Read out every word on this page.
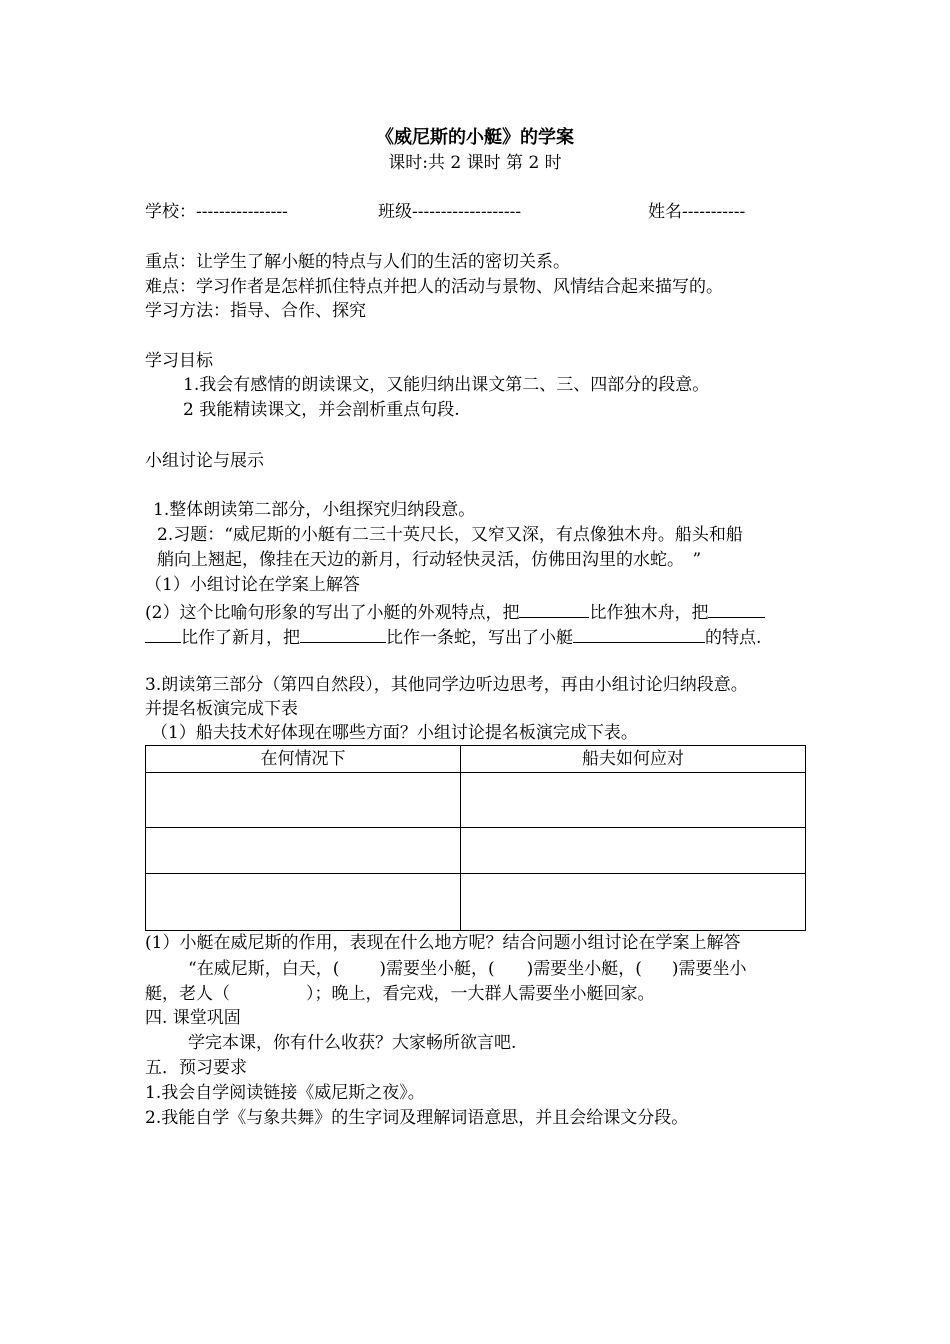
《威尼斯的小艇》的学案
课时:共 2 课时 第 2 时
学校：----------------	班级-------------------	姓名-----------
重点：让学生了解小艇的特点与人们的生活的密切关系。
难点：学习作者是怎样抓住特点并把人的活动与景物、风情结合起来描写的。
学习方法：指导、合作、探究
学习目标
1.我会有感情的朗读课文，又能归纳出课文第二、三、四部分的段意。
2 我能精读课文，并会剖析重点句段.
小组讨论与展示
1.整体朗读第二部分，小组探究归纳段意。
2.习题：“威尼斯的小艇有二三十英尺长，又窄又深，有点像独木舟。船头和船
艄向上翘起，像挂在天边的新月，行动轻快灵活，仿佛田沟里的水蛇。　”
（1）小组讨论在学案上解答
(2）这个比喻句形象的写出了小艇的外观特点，把	比作独木舟，把
比作了新月，把	比作一条蛇，写出了小艇	的特点.
3.朗读第三部分（第四自然段），其他同学边听边思考，再由小组讨论归纳段意。
并提名板演完成下表
（1）船夫技术好体现在哪些方面？小组讨论提名板演完成下表。
在何情况下	船夫如何应对

(1）小艇在威尼斯的作用，表现在什么地方呢？结合问题小组讨论在学案上解答
“在威尼斯，白天，( )需要坐小艇，( )需要坐小艇，( )需要坐小
艇，老人（	）；晚上，看完戏，一大群人需要坐小艇回家。
四. 课堂巩固
学完本课，你有什么收获？大家畅所欲言吧.
五．预习要求
1.我会自学阅读链接《威尼斯之夜》。
2.我能自学《与象共舞》的生字词及理解词语意思，并且会给课文分段。
